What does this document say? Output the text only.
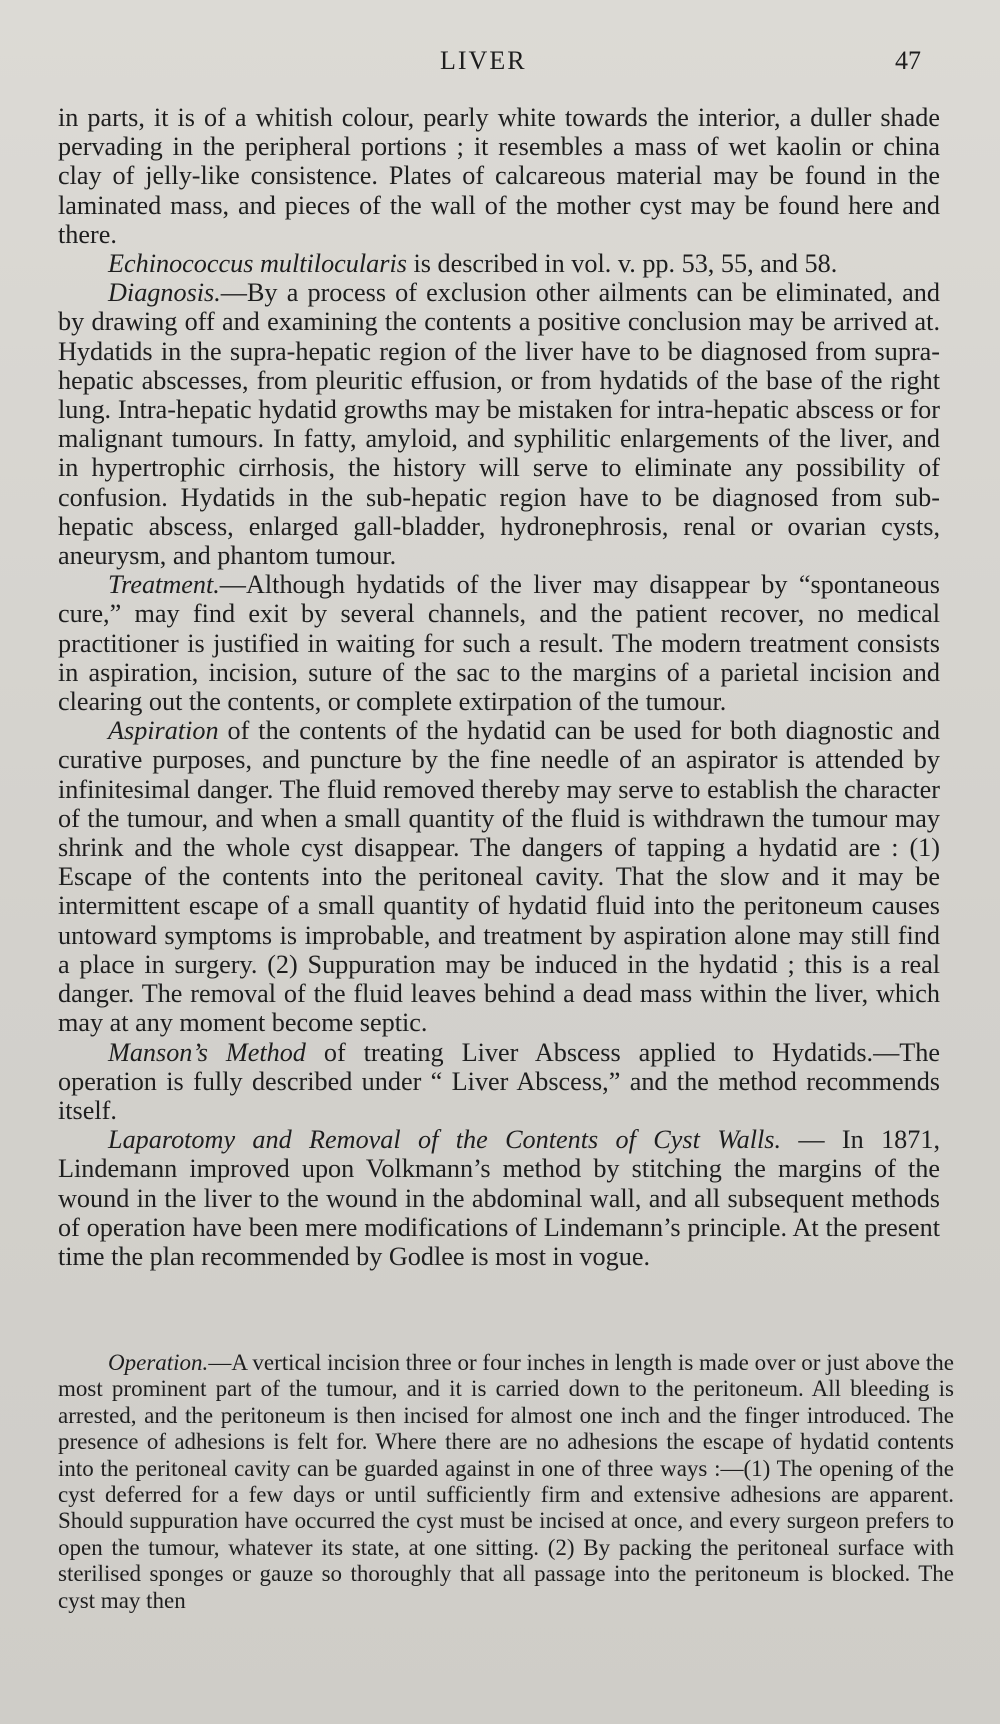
LIVER	47

in parts, it is of a whitish colour, pearly white towards the interior, a duller shade pervading in the peripheral portions ; it resembles a mass of wet kaolin or china clay of jelly-like consistence. Plates of calcareous material may be found in the laminated mass, and pieces of the wall of the mother cyst may be found here and there.

Echinococcus multilocularis is described in vol. v. pp. 53, 55, and 58.

Diagnosis.—By a process of exclusion other ailments can be eliminated, and by drawing off and examining the contents a positive conclusion may be arrived at. Hydatids in the supra-hepatic region of the liver have to be diagnosed from supra-hepatic abscesses, from pleuritic effusion, or from hydatids of the base of the right lung. Intra-hepatic hydatid growths may be mistaken for intra-hepatic abscess or for malignant tumours. In fatty, amyloid, and syphilitic enlargements of the liver, and in hypertrophic cirrhosis, the history will serve to eliminate any possibility of confusion. Hydatids in the sub-hepatic region have to be diagnosed from sub-hepatic abscess, enlarged gall-bladder, hydronephrosis, renal or ovarian cysts, aneurysm, and phantom tumour.

Treatment.—Although hydatids of the liver may disappear by “spontaneous cure,” may find exit by several channels, and the patient recover, no medical practitioner is justified in waiting for such a result. The modern treatment consists in aspiration, incision, suture of the sac to the margins of a parietal incision and clearing out the contents, or complete extirpation of the tumour.

Aspiration of the contents of the hydatid can be used for both diagnostic and curative purposes, and puncture by the fine needle of an aspirator is attended by infinitesimal danger. The fluid removed thereby may serve to establish the character of the tumour, and when a small quantity of the fluid is withdrawn the tumour may shrink and the whole cyst disappear. The dangers of tapping a hydatid are : (1) Escape of the contents into the peritoneal cavity. That the slow and it may be intermittent escape of a small quantity of hydatid fluid into the peritoneum causes untoward symptoms is improbable, and treatment by aspiration alone may still find a place in surgery. (2) Suppuration may be induced in the hydatid ; this is a real danger. The removal of the fluid leaves behind a dead mass within the liver, which may at any moment become septic.

Manson’s Method of treating Liver Abscess applied to Hydatids.—The operation is fully described under “ Liver Abscess,” and the method recommends itself.

Laparotomy and Removal of the Contents of Cyst Walls. — In 1871, Lindemann improved upon Volkmann’s method by stitching the margins of the wound in the liver to the wound in the abdominal wall, and all subsequent methods of operation have been mere modifications of Lindemann’s principle. At the present time the plan recommended by Godlee is most in vogue.

Operation.—A vertical incision three or four inches in length is made over or just above the most prominent part of the tumour, and it is carried down to the peritoneum. All bleeding is arrested, and the peritoneum is then incised for almost one inch and the finger introduced. The presence of adhesions is felt for. Where there are no adhesions the escape of hydatid contents into the peritoneal cavity can be guarded against in one of three ways :—(1) The opening of the cyst deferred for a few days or until sufficiently firm and extensive adhesions are apparent. Should suppuration have occurred the cyst must be incised at once, and every surgeon prefers to open the tumour, whatever its state, at one sitting. (2) By packing the peritoneal surface with sterilised sponges or gauze so thoroughly that all passage into the peritoneum is blocked. The cyst may then
